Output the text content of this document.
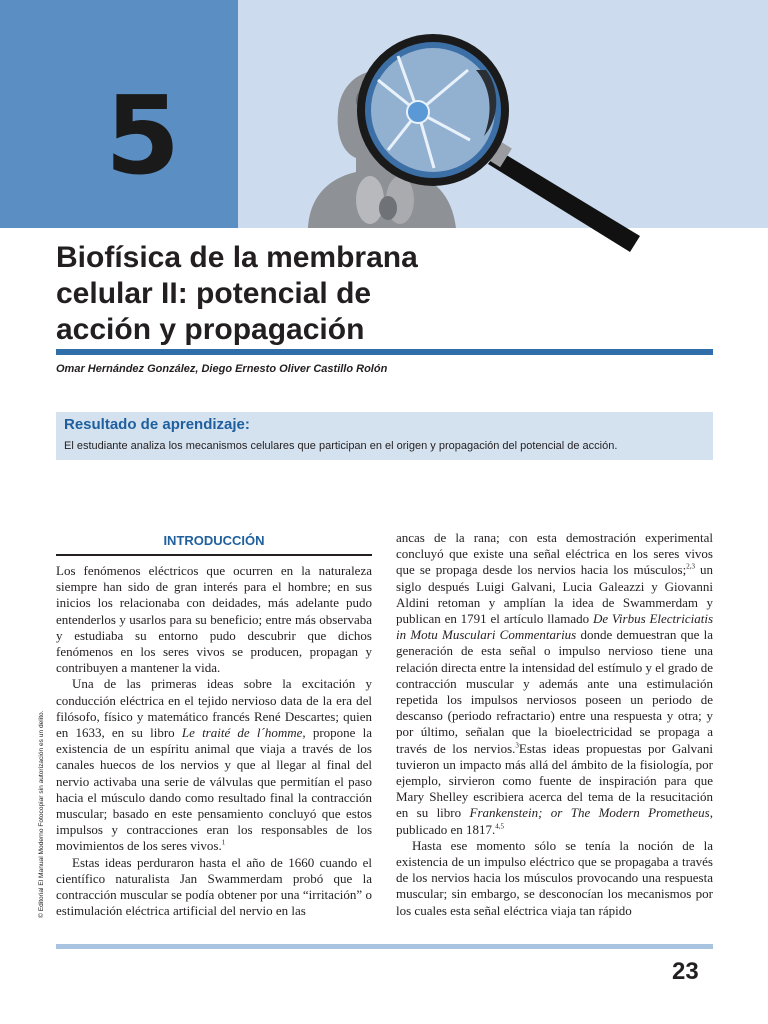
5
Biofísica de la membrana
celular II: potencial de
acción y propagación
Omar Hernández González, Diego Ernesto Oliver Castillo Rolón
Resultado de aprendizaje:
El estudiante analiza los mecanismos celulares que participan en el origen y propagación del potencial de acción.
INTRODUCCIÓN

Los fenómenos eléctricos que ocurren en la naturaleza siempre han sido de gran interés para el hombre; en sus inicios los relacionaba con deidades, más adelante pudo entenderlos y usarlos para su beneficio; entre más observaba y estudiaba su entorno pudo descubrir que dichos fenómenos en los seres vivos se producen, propagan y contribuyen a mantener la vida.

Una de las primeras ideas sobre la excitación y conducción eléctrica en el tejido nervioso data de la era del filósofo, físico y matemático francés René Descartes; quien en 1633, en su libro Le traité de l´homme, propone la existencia de un espíritu animal que viaja a través de los canales huecos de los nervios y que al llegar al final del nervio activaba una serie de válvulas que permitían el paso hacia el músculo dando como resultado final la contracción muscular; basado en este pensamiento concluyó que estos impulsos y contracciones eran los responsables de los movimientos de los seres vivos.$^1$

Estas ideas perduraron hasta el año de 1660 cuando el científico naturalista Jan Swammerdam probó que la contracción muscular se podía obtener por una “irritación” o estimulación eléctrica artificial del nervio en las

ancas de la rana; con esta demostración experimental concluyó que existe una señal eléctrica en los seres vivos que se propaga desde los nervios hacia los músculos;$^{2,3}$ un siglo después Luigi Galvani, Lucia Galeazzi y Giovanni Aldini retoman y amplían la idea de Swammerdam y publican en 1791 el artículo llamado De Virbus Electriciatis in Motu Musculari Commentarius donde demuestran que la generación de esta señal o impulso nervioso tiene una relación directa entre la intensidad del estímulo y el grado de contracción muscular y además ante una estimulación repetida los impulsos nerviosos poseen un periodo de descanso (periodo refractario) entre una respuesta y otra; y por último, señalan que la bioelectricidad se propaga a través de los nervios.$^3$Estas ideas propuestas por Galvani tuvieron un impacto más allá del ámbito de la fisiología, por ejemplo, sirvieron como fuente de inspiración para que Mary Shelley escribiera acerca del tema de la resucitación en su libro Frankenstein; or The Modern Prometheus, publicado en 1817.$^{4,5}$

Hasta ese momento sólo se tenía la noción de la existencia de un impulso eléctrico que se propagaba a través de los nervios hacia los músculos provocando una respuesta muscular; sin embargo, se desconocían los mecanismos por los cuales esta señal eléctrica viaja tan rápido

© Editorial El Manual Moderno Fotocopiar sin autorización es un delito.
23
